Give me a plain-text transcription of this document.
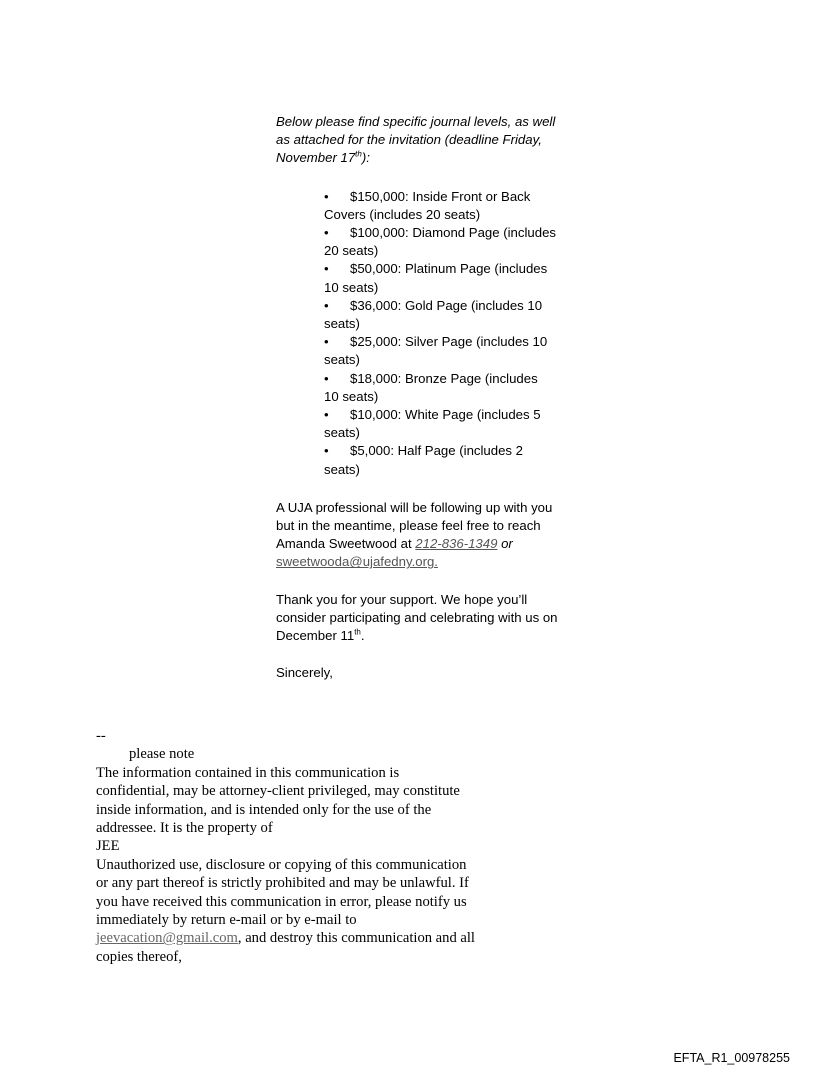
Below please find specific journal levels, as well as attached for the invitation (deadline Friday, November 17th):

• $150,000: Inside Front or Back Covers (includes 20 seats)
• $100,000: Diamond Page (includes 20 seats)
• $50,000: Platinum Page (includes 10 seats)
• $36,000: Gold Page (includes 10 seats)
• $25,000: Silver Page (includes 10 seats)
• $18,000: Bronze Page (includes 10 seats)
• $10,000: White Page (includes 5 seats)
• $5,000: Half Page (includes 2 seats)

A UJA professional will be following up with you but in the meantime, please feel free to reach Amanda Sweetwood at 212-836-1349 or sweetwooda@ujafedny.org.

Thank you for your support. We hope you’ll consider participating and celebrating with us on December 11th.

Sincerely,

--
please note
The information contained in this communication is confidential, may be attorney-client privileged, may constitute inside information, and is intended only for the use of the addressee. It is the property of
JEE
Unauthorized use, disclosure or copying of this communication or any part thereof is strictly prohibited and may be unlawful. If you have received this communication in error, please notify us immediately by return e-mail or by e-mail to jeevacation@gmail.com, and destroy this communication and all copies thereof,
EFTA_R1_00978255
